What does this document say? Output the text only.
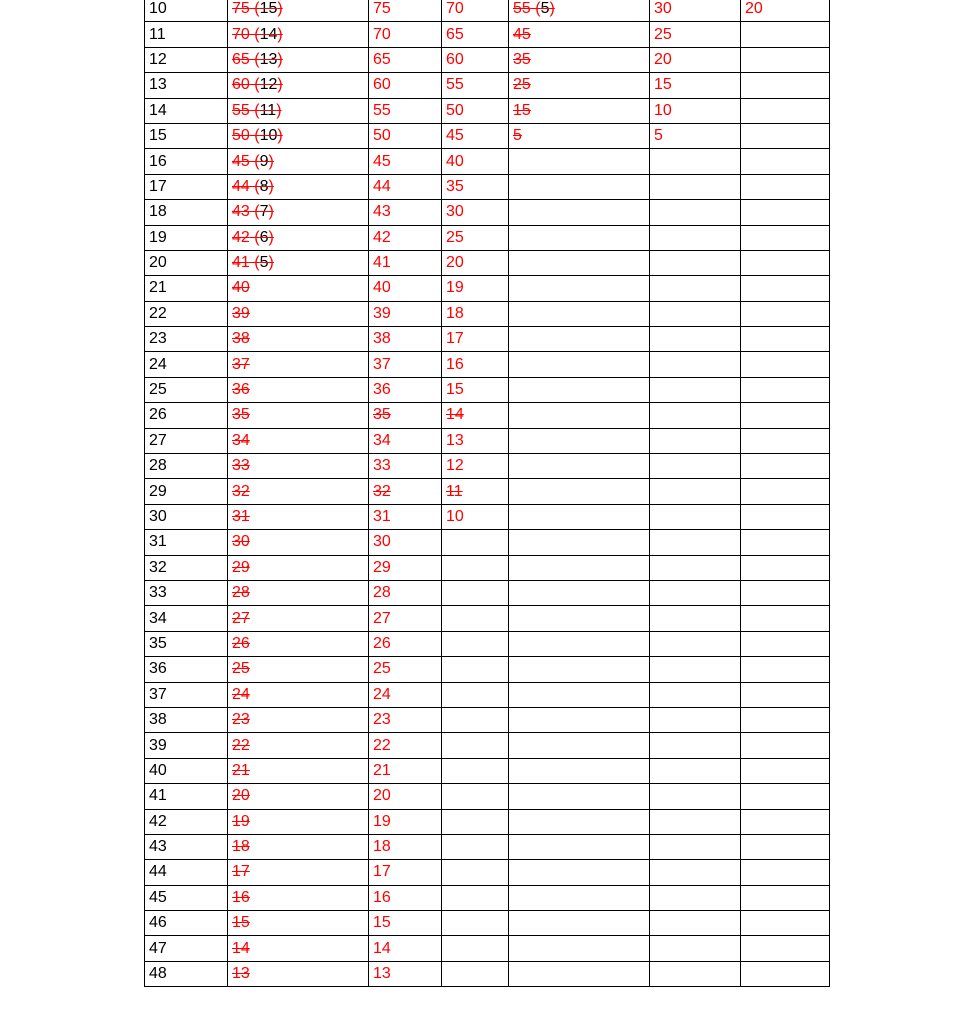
10	75 (15)	75	70	55 (5)	30	20
11	70 (14)	70	65	45	25	
12	65 (13)	65	60	35	20	
13	60 (12)	60	55	25	15	
14	55 (11)	55	50	15	10	
15	50 (10)	50	45	5	5	
16	45 (9)	45	40			
17	44 (8)	44	35			
18	43 (7)	43	30			
19	42 (6)	42	25			
20	41 (5)	41	20			
21	40	40	19			
22	39	39	18			
23	38	38	17			
24	37	37	16			
25	36	36	15			
26	35	35	14			
27	34	34	13			
28	33	33	12			
29	32	32	11			
30	31	31	10			
31	30	30				
32	29	29				
33	28	28				
34	27	27				
35	26	26				
36	25	25				
37	24	24				
38	23	23				
39	22	22				
40	21	21				
41	20	20				
42	19	19				
43	18	18				
44	17	17				
45	16	16				
46	15	15				
47	14	14				
48	13	13				
